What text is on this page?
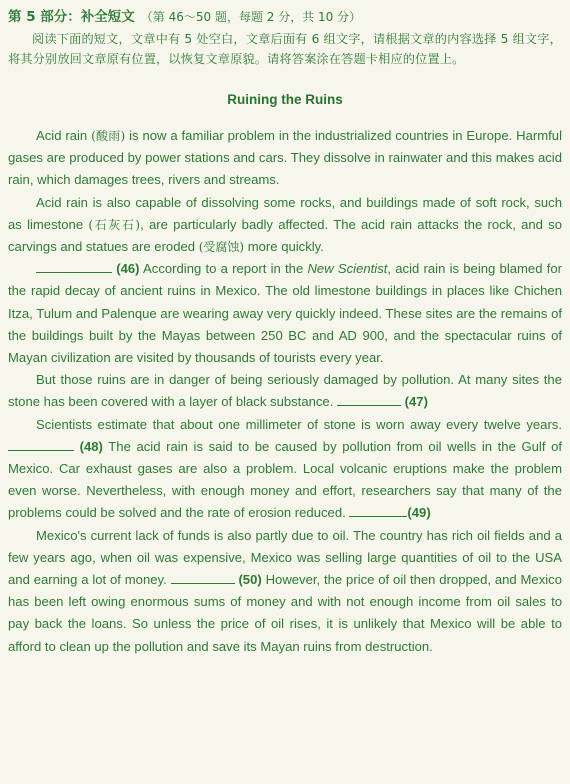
第 5 部分：补全短文 （第 46～50 题，每题 2 分，共 10 分）

阅读下面的短文，文章中有 5 处空白，文章后面有 6 组文字，请根据文章的内容选择 5 组文字，将其分别放回文章原有位置，以恢复文章原貌。请将答案涂在答题卡相应的位置上。

Ruining the Ruins

Acid rain (酸雨) is now a familiar problem in the industrialized countries in Europe. Harmful gases are produced by power stations and cars. They dissolve in rainwater and this makes acid rain, which damages trees, rivers and streams.

Acid rain is also capable of dissolving some rocks, and buildings made of soft rock, such as limestone (石灰石), are particularly badly affected. The acid rain attacks the rock, and so carvings and statues are eroded (受腐蚀) more quickly.

(46) According to a report in the New Scientist, acid rain is being blamed for the rapid decay of ancient ruins in Mexico. The old limestone buildings in places like Chichen Itza, Tulum and Palenque are wearing away very quickly indeed. These sites are the remains of the buildings built by the Mayas between 250 BC and AD 900, and the spectacular ruins of Mayan civilization are visited by thousands of tourists every year.

But those ruins are in danger of being seriously damaged by pollution. At many sites the stone has been covered with a layer of black substance.	(47)

Scientists estimate that about one millimeter of stone is worn away every twelve years.  (48) The acid rain is said to be caused by pollution from oil wells in the Gulf of Mexico. Car exhaust gases are also a problem. Local volcanic eruptions make the problem even worse. Nevertheless, with enough money and effort, researchers say that many of the problems could be solved and the rate of erosion reduced.	(49)

Mexico's current lack of funds is also partly due to oil. The country has rich oil fields and a few years ago, when oil was expensive, Mexico was selling large quantities of oil to the USA and earning a lot of money.	(50) However, the price of oil then dropped, and Mexico has been left owing enormous sums of money and with not enough income from oil sales to pay back the loans. So unless the price of oil rises, it is unlikely that Mexico will be able to afford to clean up the pollution and save its Mayan ruins from destruction.
